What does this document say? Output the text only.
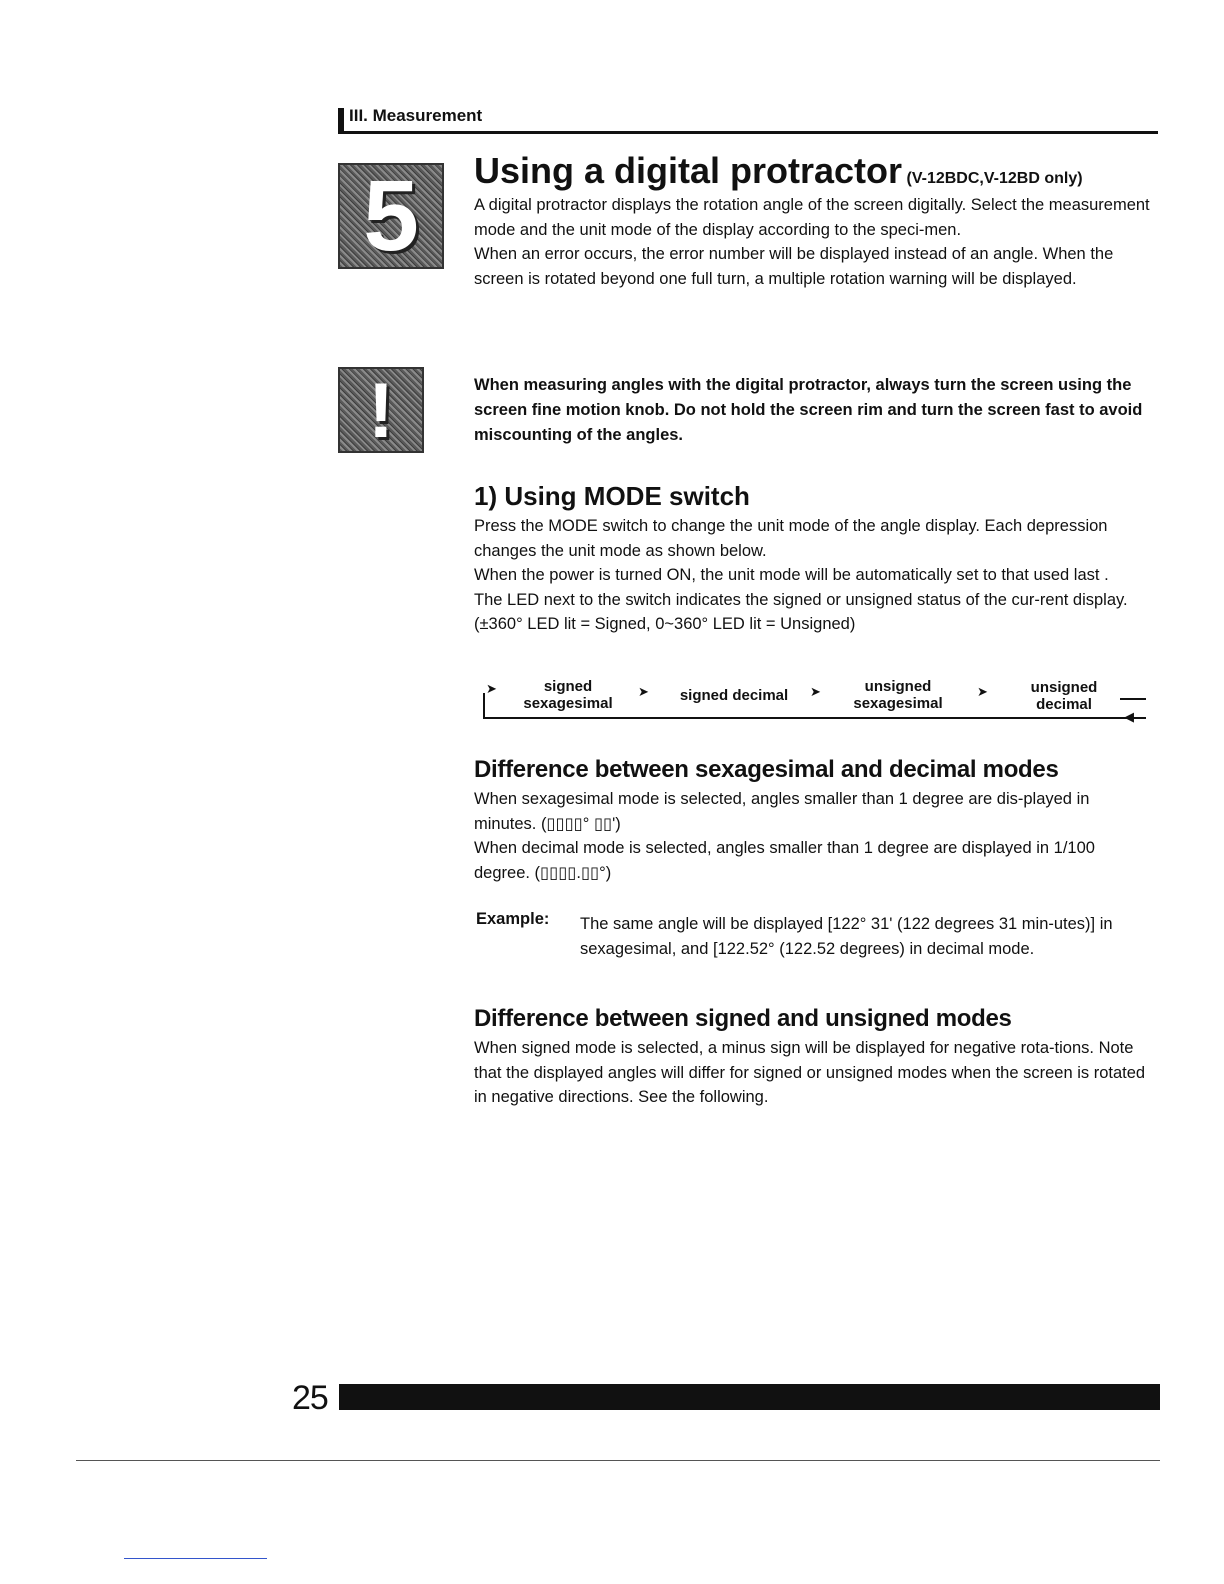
III. Measurement
5	Using a digital protractor (V-12BDC,V-12BD only)
A digital protractor displays the rotation angle of the screen digitally. Select the measurement mode and the unit mode of the display according to the speci-men.
When an error occurs, the error number will be displayed instead of an angle. When the screen is rotated beyond one full turn, a multiple rotation warning will be displayed.
!	When measuring angles with the digital protractor, always turn the screen using the screen fine motion knob. Do not hold the screen rim and turn the screen fast to avoid miscounting of the angles.
1) Using MODE switch
Press the MODE switch to change the unit mode of the angle display. Each depression changes the unit mode as shown below.
When the power is turned ON, the unit mode will be automatically set to that used last .
The LED next to the switch indicates the signed or unsigned status of the cur-rent display. (±360° LED lit = Signed, 0~360° LED lit = Unsigned)
➤	signed
sexagesimal
➤	signed decimal	➤	unsigned
sexagesimal
➤	unsigned
decimal
◀
Difference between sexagesimal and decimal modes
When sexagesimal mode is selected, angles smaller than 1 degree are dis-played in minutes. (▯▯▯▯° ▯▯')
When decimal mode is selected, angles smaller than 1 degree are displayed in 1/100 degree. (▯▯▯▯.▯▯°)
Example: The same angle will be displayed [122° 31' (122 degrees 31 min-utes)] in sexagesimal, and [122.52° (122.52 degrees) in decimal mode.
Difference between signed and unsigned modes
When signed mode is selected, a minus sign will be displayed for negative rota-tions. Note that the displayed angles will differ for signed or unsigned modes when the screen is rotated in negative directions. See the following.
25
